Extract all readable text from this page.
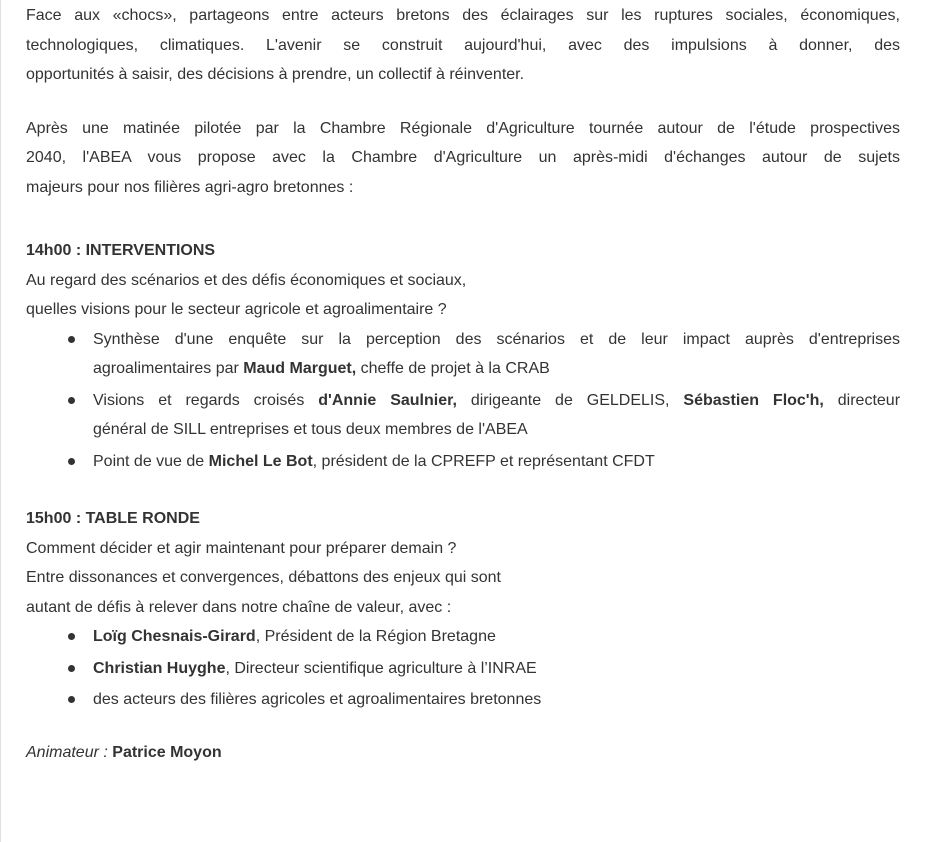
Face aux «chocs», partageons entre acteurs bretons des éclairages sur les ruptures sociales, économiques,
technologiques, climatiques. L'avenir se construit aujourd'hui, avec des impulsions à donner, des
opportunités à saisir, des décisions à prendre, un collectif à réinventer.

Après une matinée pilotée par la Chambre Régionale d'Agriculture tournée autour de l'étude prospectives
2040, l'ABEA vous propose avec la Chambre d'Agriculture un après-midi d'échanges autour de sujets
majeurs pour nos filières agri-agro bretonnes :

14h00 : INTERVENTIONS
Au regard des scénarios et des défis économiques et sociaux,
quelles visions pour le secteur agricole et agroalimentaire ?

Synthèse d'une enquête sur la perception des scénarios et de leur impact auprès d'entreprises
agroalimentaires par Maud Marguet, cheffe de projet à la CRAB
Visions et regards croisés d'Annie Saulnier, dirigeante de GELDELIS, Sébastien Floc'h, directeur
général de SILL entreprises et tous deux membres de l'ABEA
Point de vue de Michel Le Bot, président de la CPREFP et représentant CFDT

15h00 : TABLE RONDE
Comment décider et agir maintenant pour préparer demain ?
Entre dissonances et convergences, débattons des enjeux qui sont
autant de défis à relever dans notre chaîne de valeur, avec :

Loïg Chesnais-Girard, Président de la Région Bretagne
Christian Huyghe, Directeur scientifique agriculture à l’INRAE
des acteurs des filières agricoles et agroalimentaires bretonnes

Animateur : Patrice Moyon
